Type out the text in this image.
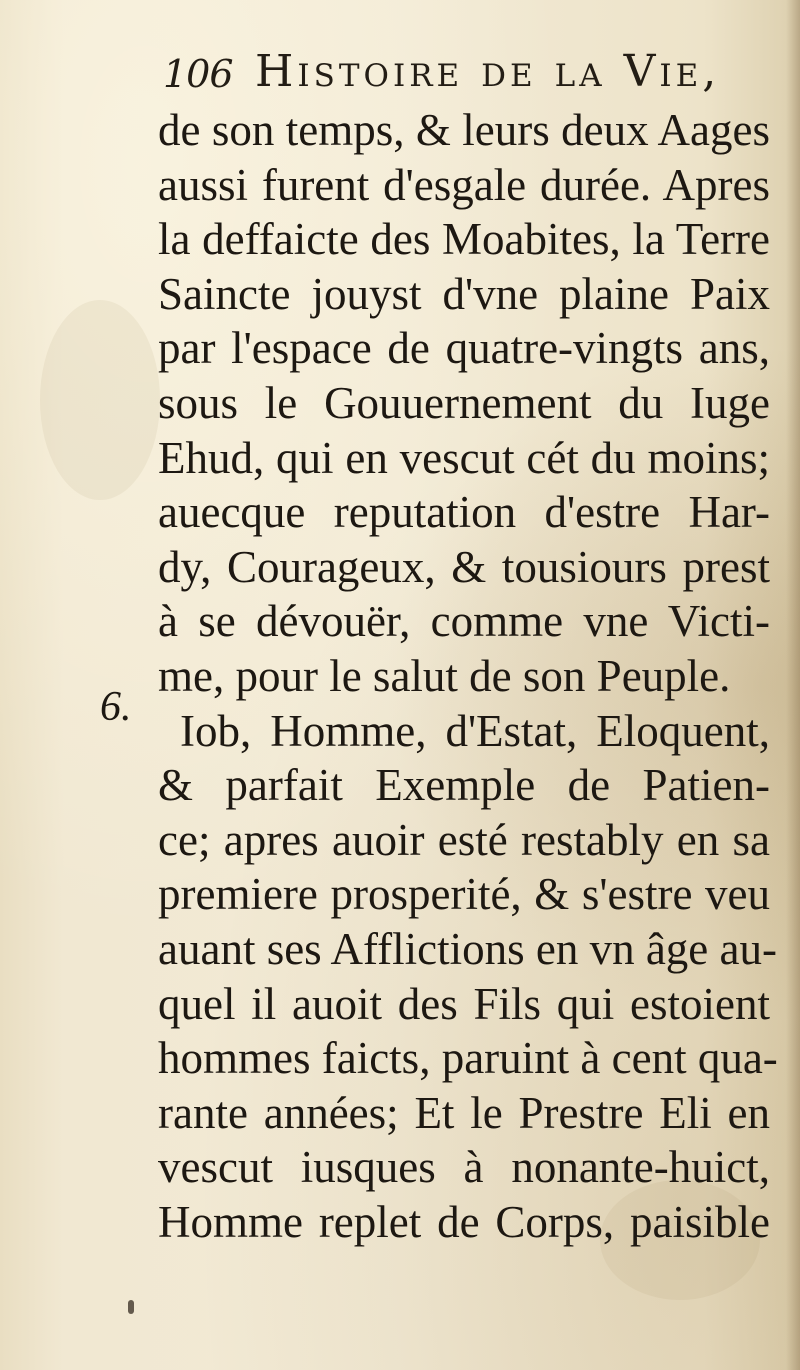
106 Histoire de la Vie,
6.
de son temps, & leurs deux Aages
aussi furent d'esgale durée. Apres
la deffaicte des Moabites, la Terre
Saincte jouyst d'vne plaine Paix
par l'espace de quatre-vingts ans,
sous le Gouuernement du Iuge
Ehud, qui en vescut cét du moins;
auecque reputation d'estre Har-
dy, Courageux, & tousiours prest
à se dévouër, comme vne Victi-
me, pour le salut de son Peuple.
Iob, Homme, d'Estat, Eloquent,
& parfait Exemple de Patien-
ce; apres auoir esté restably en sa
premiere prosperité, & s'estre veu
auant ses Afflictions en vn âge au-
quel il auoit des Fils qui estoient
hommes faicts, paruint à cent qua-
rante années; Et le Prestre Eli en
vescut iusques à nonante-huict,
Homme replet de Corps, paisible
